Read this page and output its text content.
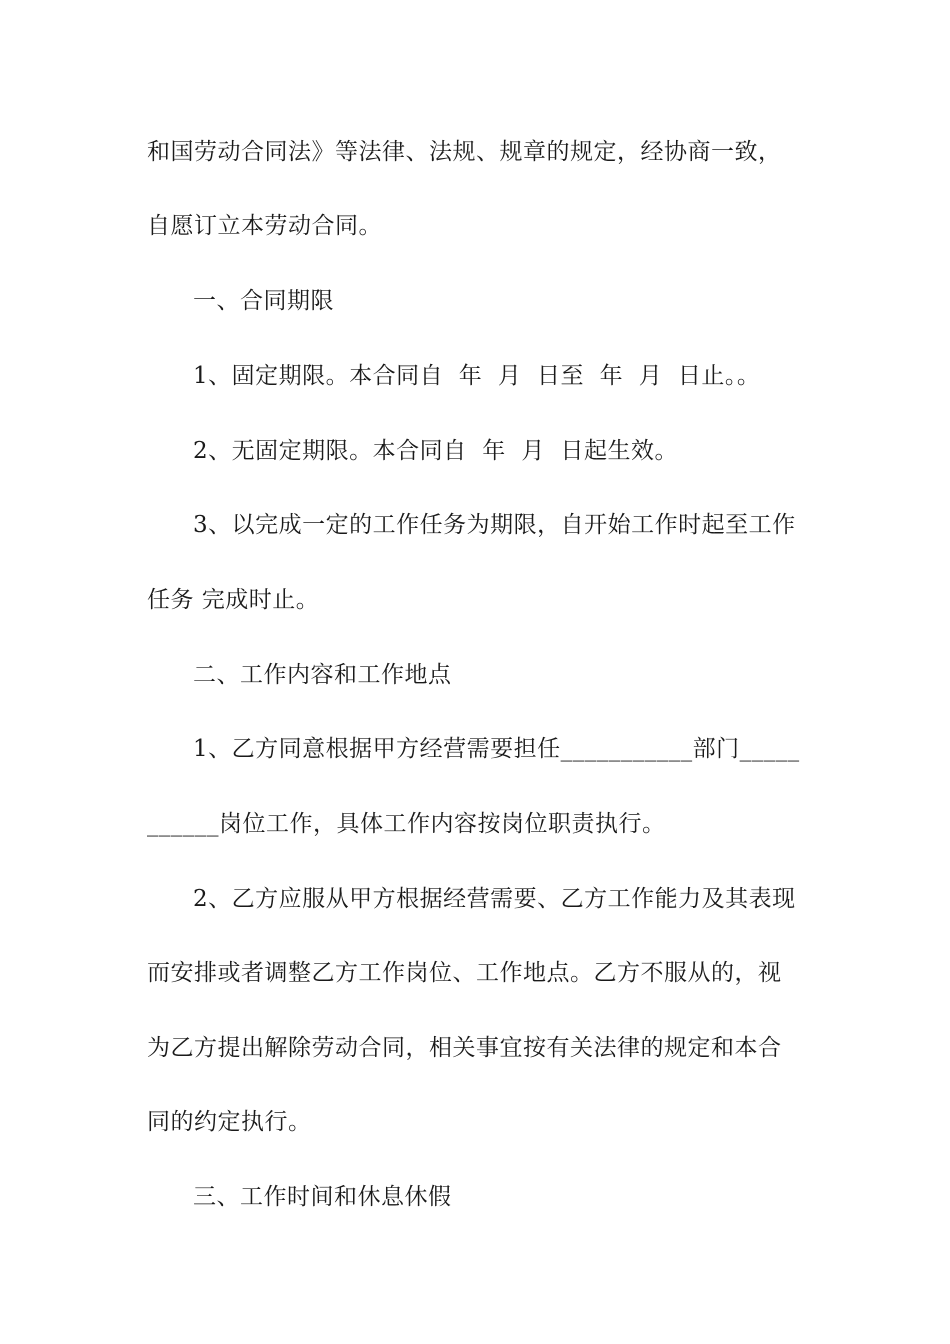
和国劳动合同法》等法律、法规、规章的规定，经协商一致，
自愿订立本劳动合同。
一、合同期限
1、固定期限。本合同自  年  月  日至  年  月  日止。。
2、无固定期限。本合同自  年  月  日起生效。
3、以完成一定的工作任务为期限，自开始工作时起至工作
任务 完成时止。
二、工作内容和工作地点
1、乙方同意根据甲方经营需要担任___________部门_____
______岗位工作，具体工作内容按岗位职责执行。
2、乙方应服从甲方根据经营需要、乙方工作能力及其表现
而安排或者调整乙方工作岗位、工作地点。乙方不服从的，视
为乙方提出解除劳动合同，相关事宜按有关法律的规定和本合
同的约定执行。
三、工作时间和休息休假
